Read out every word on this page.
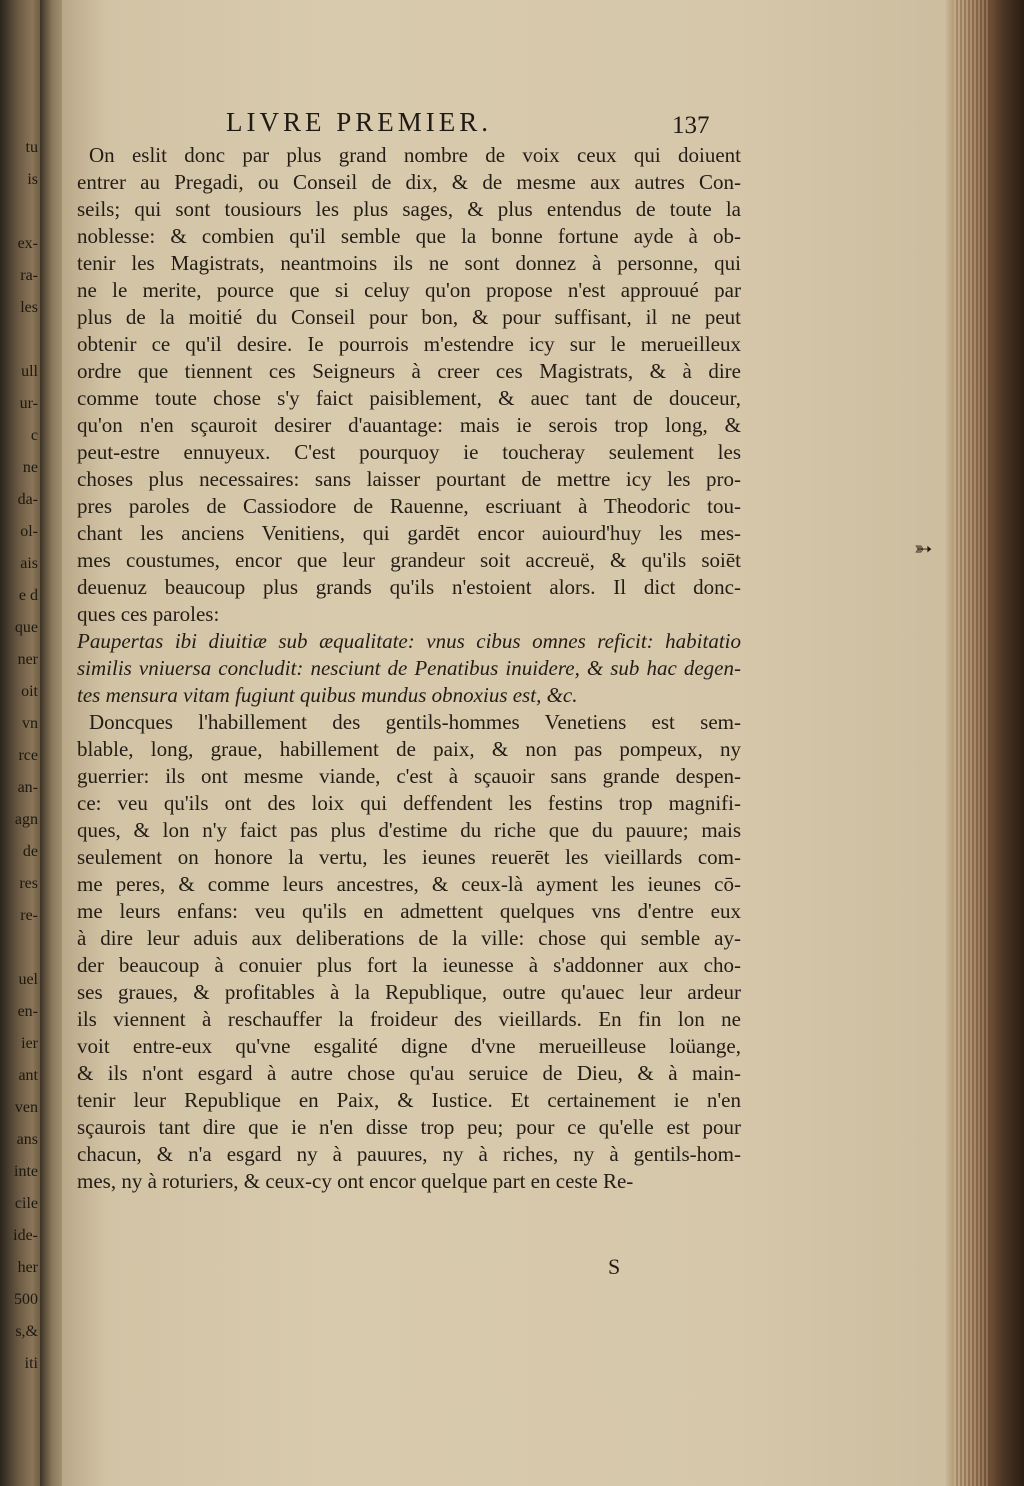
tu
is
ex-
ra-
les
ull
ur-
c
ne
da-
ol-
ais
e d
que
ner
oit
vn
rce
an-
agn
de
res
re-
uel
en-
ier
ant
ven
ans
inte
cile
ide-
her
500
s,&
iti
LIVRE PREMIER.	137

On eslit donc par plus grand nombre de voix ceux qui doiuent
entrer au Pregadi, ou Conseil de dix, & de mesme aux autres Con-
seils; qui sont tousiours les plus sages, & plus entendus de toute la
noblesse: & combien qu'il semble que la bonne fortune ayde à ob-
tenir les Magistrats, neantmoins ils ne sont donnez à personne, qui
ne le merite, pource que si celuy qu'on propose n'est approuué par
plus de la moitié du Conseil pour bon, & pour suffisant, il ne peut
obtenir ce qu'il desire. Ie pourrois m'estendre icy sur le merueilleux
ordre que tiennent ces Seigneurs à creer ces Magistrats, & à dire
comme toute chose s'y faict paisiblement, & auec tant de douceur,
qu'on n'en sçauroit desirer d'auantage: mais ie serois trop long, &
peut-estre ennuyeux. C'est pourquoy ie toucheray seulement les
choses plus necessaires: sans laisser pourtant de mettre icy les pro-
pres paroles de Cassiodore de Rauenne, escriuant à Theodoric tou-
chant les anciens Venitiens, qui gardēt encor auiourd'huy les mes-
mes coustumes, encor que leur grandeur soit accreuë, & qu'ils soiēt
deuenuz beaucoup plus grands qu'ils n'estoient alors. Il dict donc-
ques ces paroles:

Paupertas ibi diuitiæ sub æqualitate: vnus cibus omnes reficit: habitatio
similis vniuersa concludit: nesciunt de Penatibus inuidere, & sub hac degen-
tes mensura vitam fugiunt quibus mundus obnoxius est, &c.

Doncques l'habillement des gentils-hommes Venetiens est sem-
blable, long, graue, habillement de paix, & non pas pompeux, ny
guerrier: ils ont mesme viande, c'est à sçauoir sans grande despen-
ce: veu qu'ils ont des loix qui deffendent les festins trop magnifi-
ques, & lon n'y faict pas plus d'estime du riche que du pauure; mais
seulement on honore la vertu, les ieunes reuerēt les vieillards com-
me peres, & comme leurs ancestres, & ceux-là ayment les ieunes cō-
me leurs enfans: veu qu'ils en admettent quelques vns d'entre eux
à dire leur aduis aux deliberations de la ville: chose qui semble ay-
der beaucoup à conuier plus fort la ieunesse à s'addonner aux cho-
ses graues, & profitables à la Republique, outre qu'auec leur ardeur
ils viennent à reschauffer la froideur des vieillards. En fin lon ne
voit entre-eux qu'vne esgalité digne d'vne merueilleuse loüange,
& ils n'ont esgard à autre chose qu'au seruice de Dieu, & à main-
tenir leur Republique en Paix, & Iustice. Et certainement ie n'en
sçaurois tant dire que ie n'en disse trop peu; pour ce qu'elle est pour
chacun, & n'a esgard ny à pauures, ny à riches, ny à gentils-hom-
mes, ny à roturiers, & ceux-cy ont encor quelque part en ceste Re-

S
➳
